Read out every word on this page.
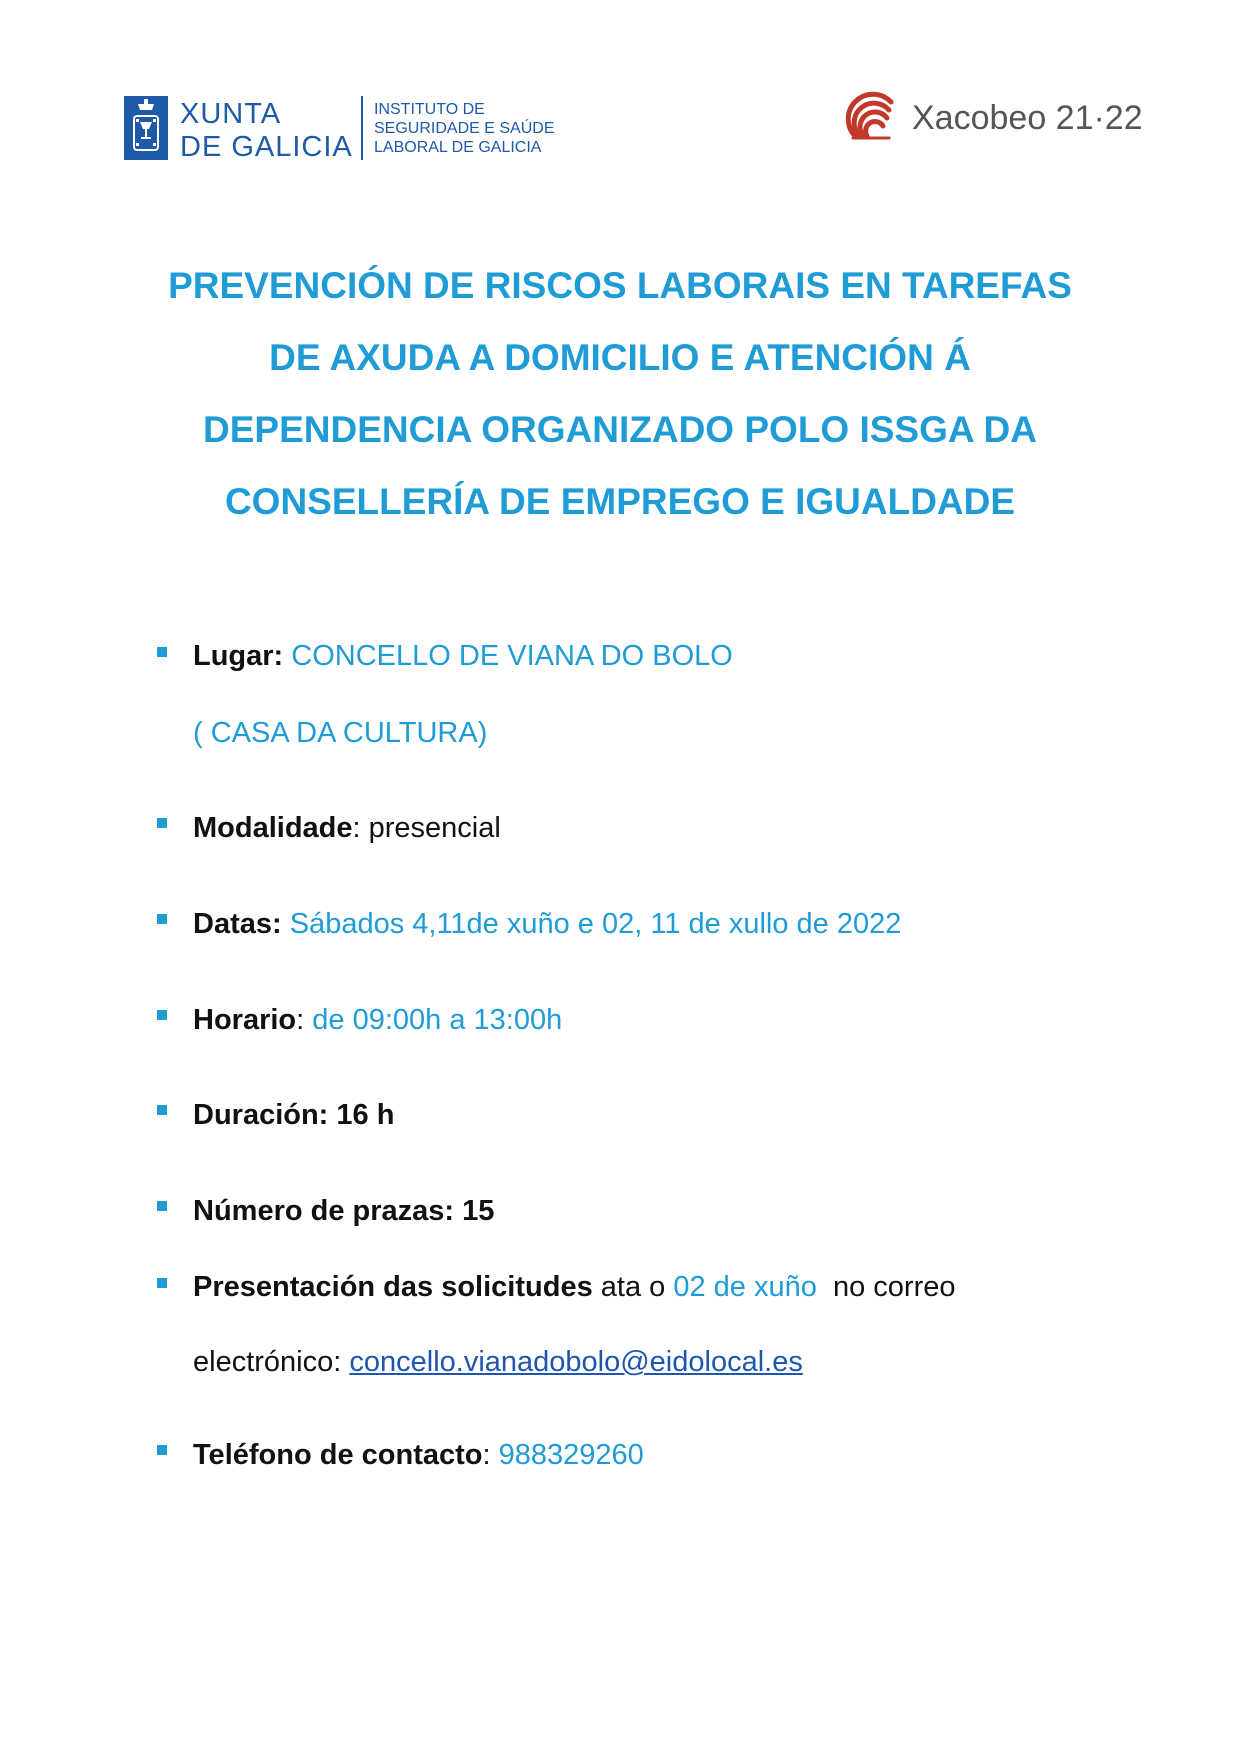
XUNTA
DE GALICIA
INSTITUTO DE
SEGURIDADE E SAÚDE
LABORAL DE GALICIA
Xacobeo 21·22
PREVENCIÓN DE RISCOS LABORAIS EN TAREFAS
DE AXUDA A DOMICILIO E ATENCIÓN Á
DEPENDENCIA ORGANIZADO POLO ISSGA DA
CONSELLERÍA DE EMPREGO E IGUALDADE
Lugar: CONCELLO DE VIANA DO BOLO
( CASA DA CULTURA)
Modalidade: presencial
Datas: Sábados 4,11de xuño e 02, 11 de xullo de 2022
Horario: de 09:00h a 13:00h
Duración: 16 h
Número de prazas: 15
Presentación das solicitudes ata o 02 de xuño no correo
electrónico: concello.vianadobolo@eidolocal.es
Teléfono de contacto: 988329260
